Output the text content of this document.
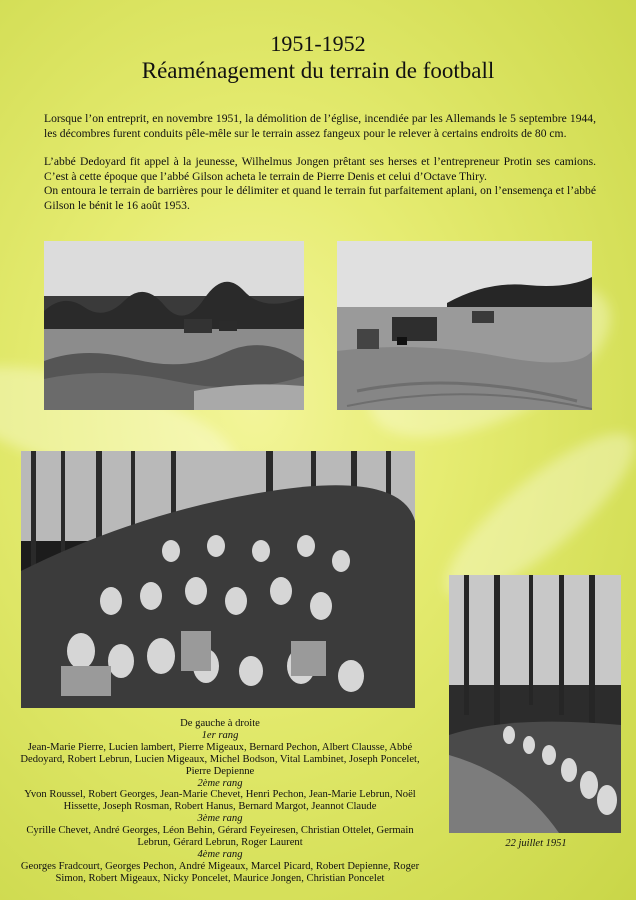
1951-1952
Réaménagement du terrain de football
Lorsque l’on entreprit, en novembre 1951, la démolition de l’église, incendiée par les Allemands le 5 septembre 1944, les décombres furent conduits pêle-mêle sur le terrain assez fangeux pour le relever à certains endroits de 80 cm.
L’abbé Dedoyard fit appel à la jeunesse, Wilhelmus Jongen prêtant ses herses et l’entrepreneur Protin ses camions. C’est à cette époque que l’abbé Gilson acheta le terrain de Pierre Denis et celui d’Octave Thiry.
On entoura le terrain de barrières pour le délimiter et quand le terrain fut parfaitement aplani, on l’ensemença et l’abbé Gilson le bénit le 16 août 1953.
De gauche à droite
1er rang
Jean-Marie Pierre, Lucien lambert, Pierre Migeaux, Bernard Pechon, Albert Clausse, Abbé Dedoyard, Robert Lebrun, Lucien Migeaux, Michel Bodson, Vital Lambinet, Joseph Poncelet, Pierre Depienne
2ème rang
Yvon Roussel, Robert Georges, Jean-Marie Chevet, Henri Pechon, Jean-Marie Lebrun, Noël Hissette, Joseph Rosman, Robert Hanus, Bernard Margot, Jeannot Claude
3ème rang
Cyrille Chevet, André Georges, Léon Behin, Gérard Feyeiresen, Christian Ottelet, Germain Lebrun, Gérard Lebrun, Roger Laurent
4ème rang
Georges Fradcourt, Georges Pechon, André Migeaux, Marcel Picard, Robert Depienne, Roger Simon, Robert Migeaux, Nicky Poncelet, Maurice Jongen, Christian Poncelet
22 juillet 1951
